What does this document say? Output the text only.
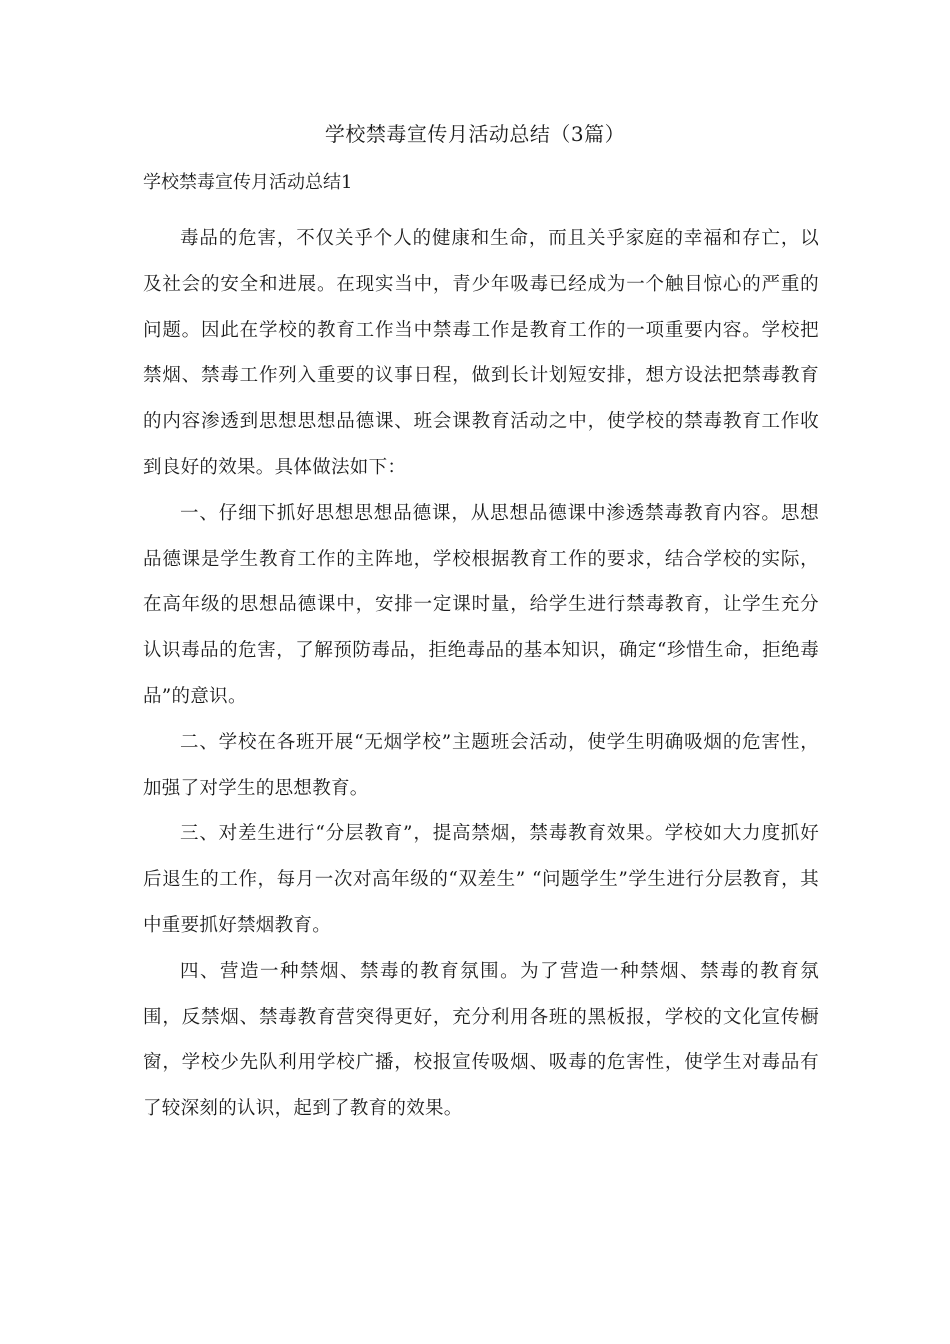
学校禁毒宣传月活动总结（3篇）
学校禁毒宣传月活动总结1

毒品的危害，不仅关乎个人的健康和生命，而且关乎家庭的幸福和存亡，以及社会的安全和进展。在现实当中，青少年吸毒已经成为一个触目惊心的严重的问题。因此在学校的教育工作当中禁毒工作是教育工作的一项重要内容。学校把禁烟、禁毒工作列入重要的议事日程，做到长计划短安排，想方设法把禁毒教育的内容渗透到思想思想品德课、班会课教育活动之中，使学校的禁毒教育工作收到良好的效果。具体做法如下：

一、仔细下抓好思想思想品德课，从思想品德课中渗透禁毒教育内容。思想品德课是学生教育工作的主阵地，学校根据教育工作的要求，结合学校的实际，在高年级的思想品德课中，安排一定课时量，给学生进行禁毒教育，让学生充分认识毒品的危害，了解预防毒品，拒绝毒品的基本知识，确定“珍惜生命，拒绝毒品”的意识。

二、学校在各班开展“无烟学校”主题班会活动，使学生明确吸烟的危害性，加强了对学生的思想教育。

三、对差生进行“分层教育”，提高禁烟，禁毒教育效果。学校如大力度抓好后退生的工作，每月一次对高年级的“双差生” “问题学生”学生进行分层教育，其中重要抓好禁烟教育。

四、营造一种禁烟、禁毒的教育氛围。为了营造一种禁烟、禁毒的教育氛围，反禁烟、禁毒教育营突得更好，充分利用各班的黑板报，学校的文化宣传橱窗，学校少先队利用学校广播，校报宣传吸烟、吸毒的危害性，使学生对毒品有了较深刻的认识，起到了教育的效果。
